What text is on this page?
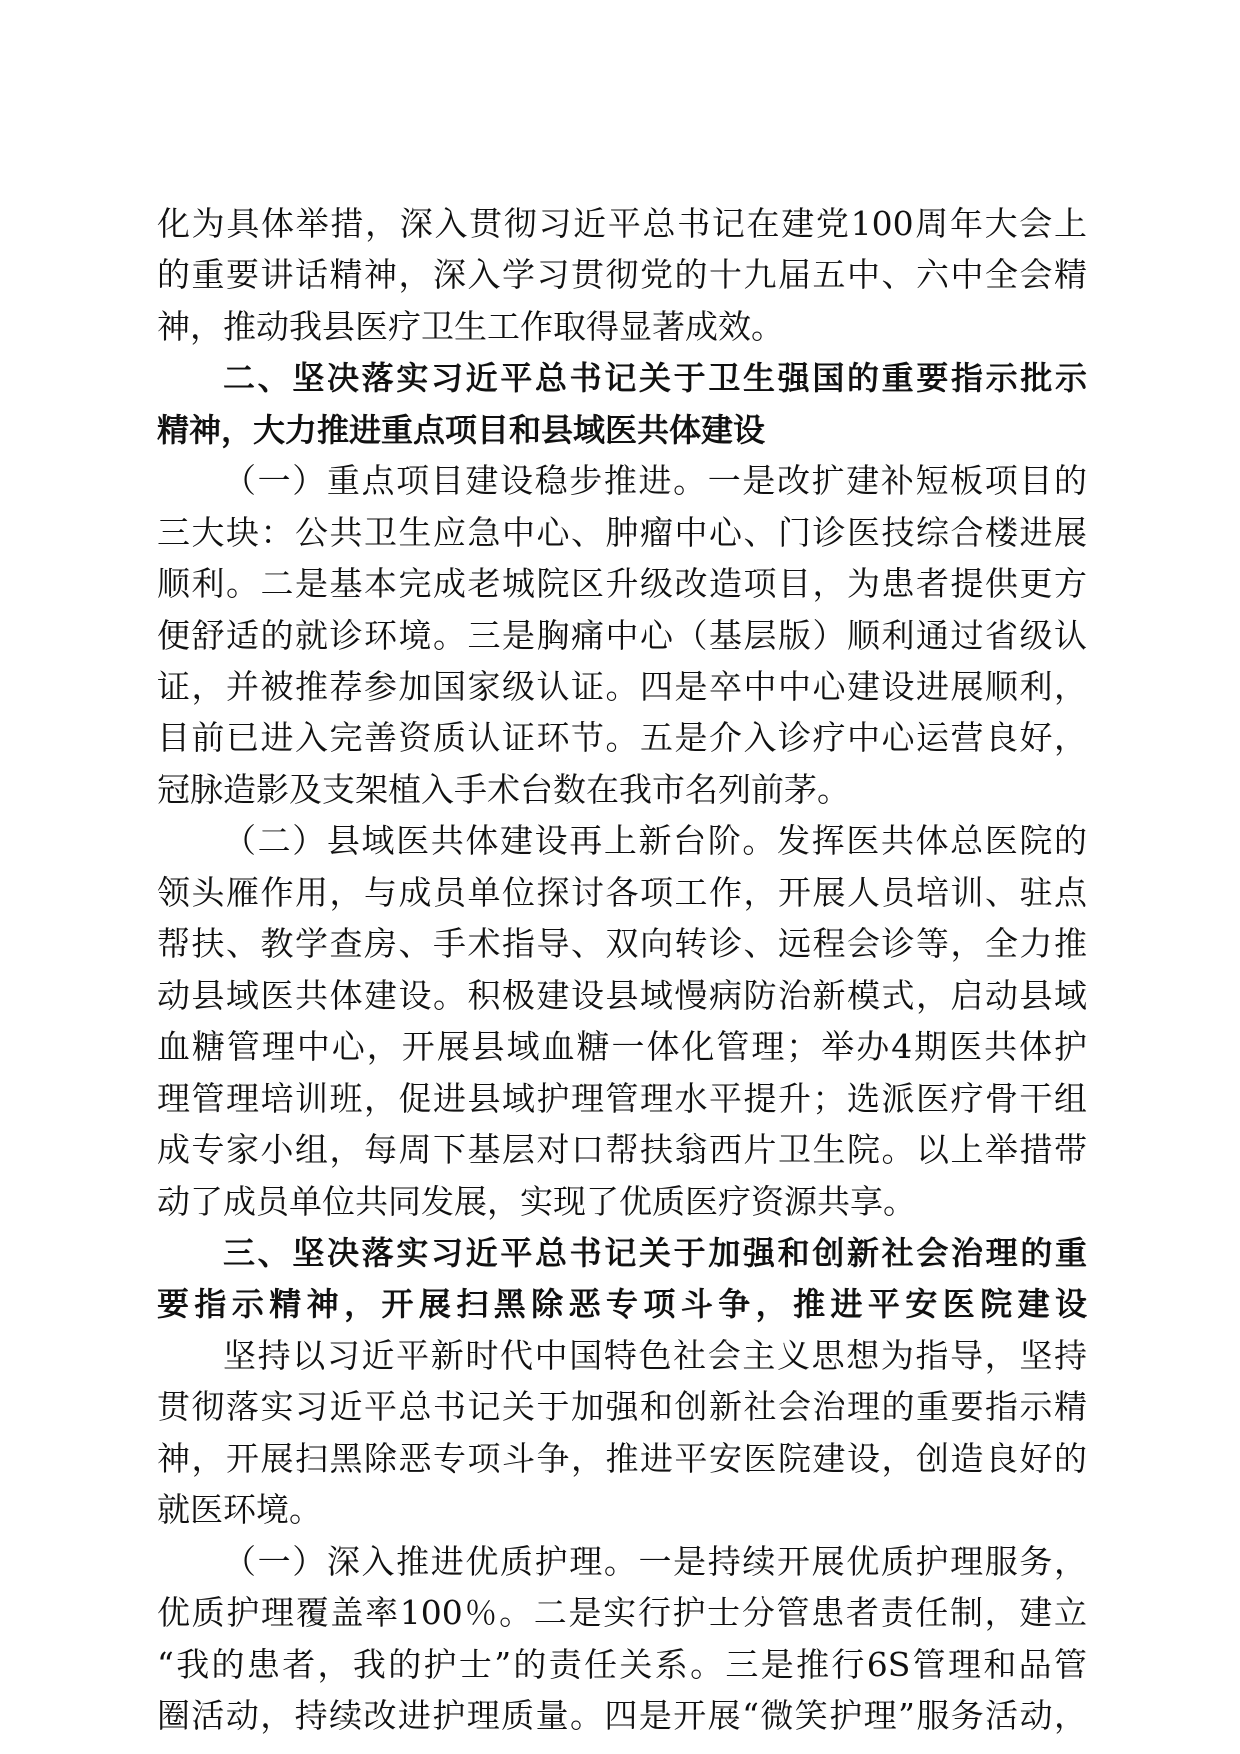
化为具体举措，深入贯彻习近平总书记在建党100周年大会上
的重要讲话精神，深入学习贯彻党的十九届五中、六中全会精
神，推动我县医疗卫生工作取得显著成效。
二、坚决落实习近平总书记关于卫生强国的重要指示批示
精神，大力推进重点项目和县域医共体建设
（一）重点项目建设稳步推进。一是改扩建补短板项目的
三大块：公共卫生应急中心、肿瘤中心、门诊医技综合楼进展
顺利。二是基本完成老城院区升级改造项目，为患者提供更方
便舒适的就诊环境。三是胸痛中心（基层版）顺利通过省级认
证，并被推荐参加国家级认证。四是卒中中心建设进展顺利，
目前已进入完善资质认证环节。五是介入诊疗中心运营良好，
冠脉造影及支架植入手术台数在我市名列前茅。
（二）县域医共体建设再上新台阶。发挥医共体总医院的
领头雁作用，与成员单位探讨各项工作，开展人员培训、驻点
帮扶、教学查房、手术指导、双向转诊、远程会诊等，全力推
动县域医共体建设。积极建设县域慢病防治新模式，启动县域
血糖管理中心，开展县域血糖一体化管理；举办4期医共体护
理管理培训班，促进县域护理管理水平提升；选派医疗骨干组
成专家小组，每周下基层对口帮扶翁西片卫生院。以上举措带
动了成员单位共同发展，实现了优质医疗资源共享。
三、坚决落实习近平总书记关于加强和创新社会治理的重
要指示精神，开展扫黑除恶专项斗争，推进平安医院建设
坚持以习近平新时代中国特色社会主义思想为指导，坚持
贯彻落实习近平总书记关于加强和创新社会治理的重要指示精
神，开展扫黑除恶专项斗争，推进平安医院建设，创造良好的
就医环境。
（一）深入推进优质护理。一是持续开展优质护理服务，
优质护理覆盖率100％。二是实行护士分管患者责任制，建立
“我的患者，我的护士”的责任关系。三是推行6S管理和品管
圈活动，持续改进护理质量。四是开展“微笑护理”服务活动，
